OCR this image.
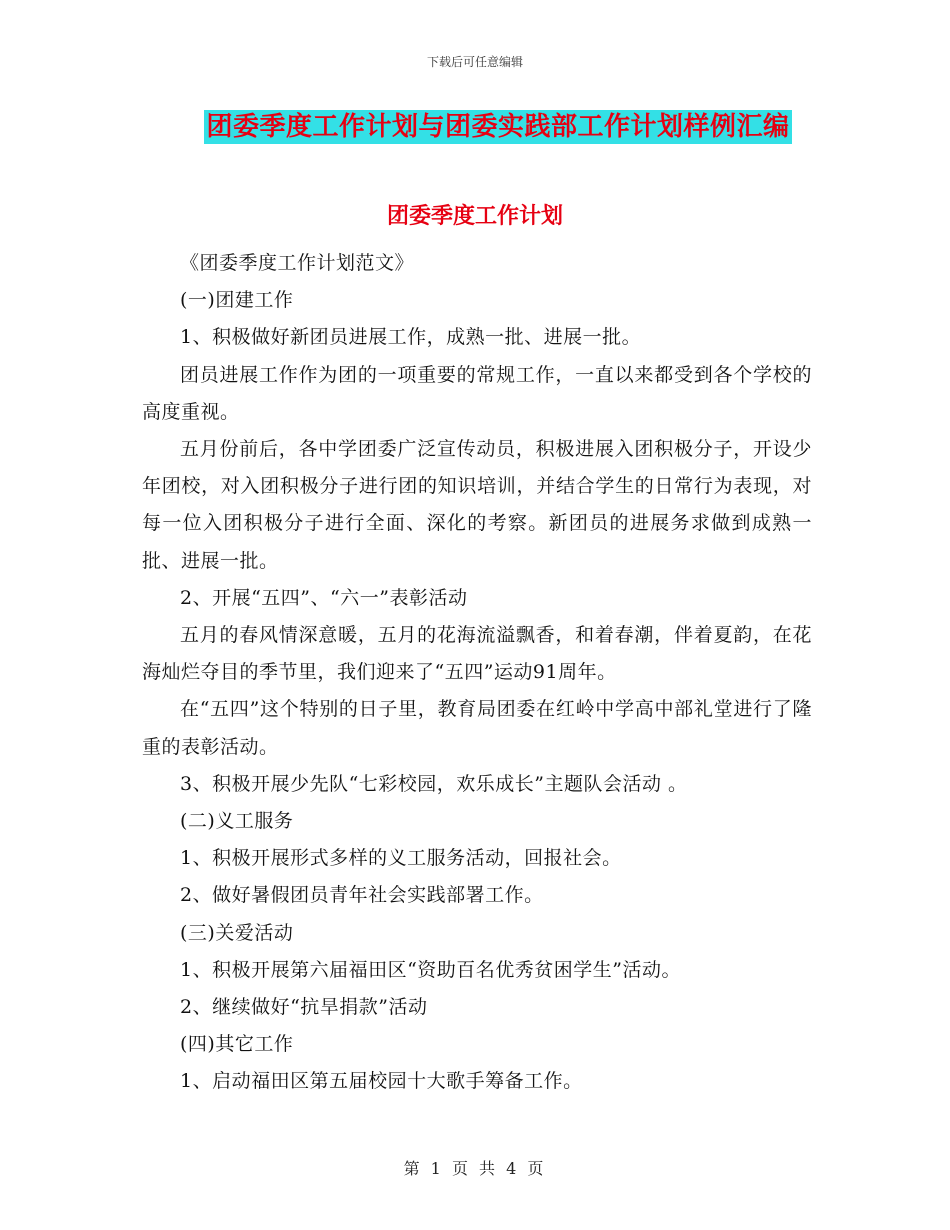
下载后可任意编辑
团委季度工作计划与团委实践部工作计划样例汇编
团委季度工作计划

《团委季度工作计划范文》

(一)团建工作

1、积极做好新团员进展工作，成熟一批、进展一批。

团员进展工作作为团的一项重要的常规工作，一直以来都受到各个学校的高度重视。

五月份前后，各中学团委广泛宣传动员，积极进展入团积极分子，开设少年团校，对入团积极分子进行团的知识培训，并结合学生的日常行为表现，对每一位入团积极分子进行全面、深化的考察。新团员的进展务求做到成熟一批、进展一批。

2、开展“五四”、“六一”表彰活动

五月的春风情深意暖，五月的花海流溢飘香，和着春潮，伴着夏韵，在花海灿烂夺目的季节里，我们迎来了“五四”运动91周年。

在“五四”这个特别的日子里，教育局团委在红岭中学高中部礼堂进行了隆重的表彰活动。

3、积极开展少先队“七彩校园，欢乐成长”主题队会活动 。

(二)义工服务

1、积极开展形式多样的义工服务活动，回报社会。

2、做好暑假团员青年社会实践部署工作。

(三)关爱活动

1、积极开展第六届福田区“资助百名优秀贫困学生”活动。

2、继续做好“抗旱捐款”活动

(四)其它工作

1、启动福田区第五届校园十大歌手筹备工作。

第 1 页 共 4 页
